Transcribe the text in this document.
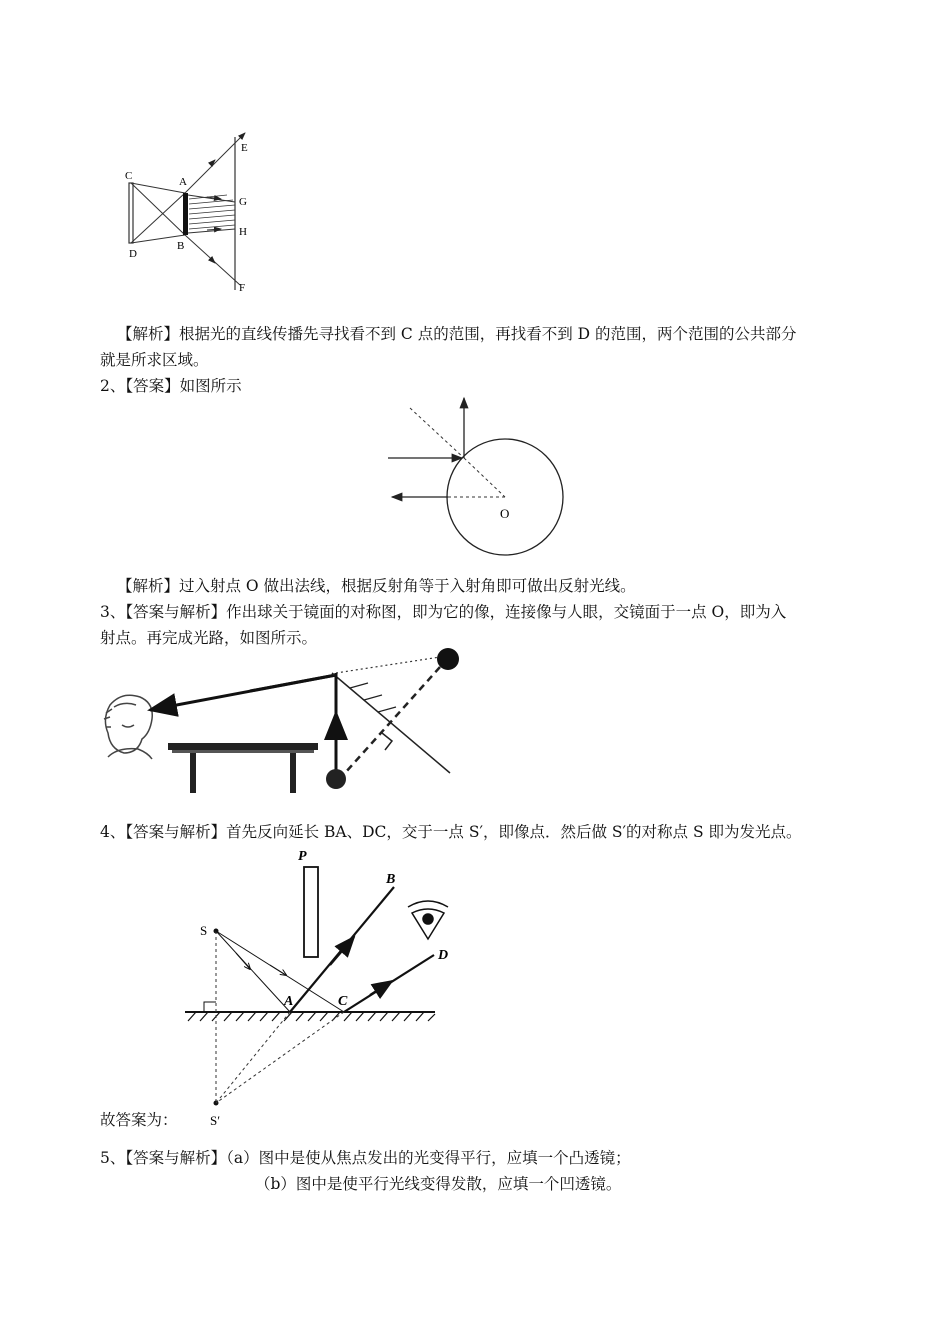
C	A
E
G
H
B
D
F
【解析】根据光的直线传播先寻找看不到 C 点的范围，再找看不到 D 的范围，两个范围的公共部分
就是所求区域。
2、【答案】如图所示
O
【解析】过入射点 O 做出法线，根据反射角等于入射角即可做出反射光线。
3、【答案与解析】作出球关于镜面的对称图，即为它的像，连接像与人眼，交镜面于一点 O，即为入
射点。再完成光路，如图所示。
4、【答案与解析】首先反向延长 BA、DC，交于一点 S′，即像点．然后做 S′的对称点 S 即为发光点。
P
S
S′
B
D
A	C
故答案为：
5、【答案与解析】（a）图中是使从焦点发出的光变得平行，应填一个凸透镜；
（b）图中是使平行光线变得发散，应填一个凹透镜。
